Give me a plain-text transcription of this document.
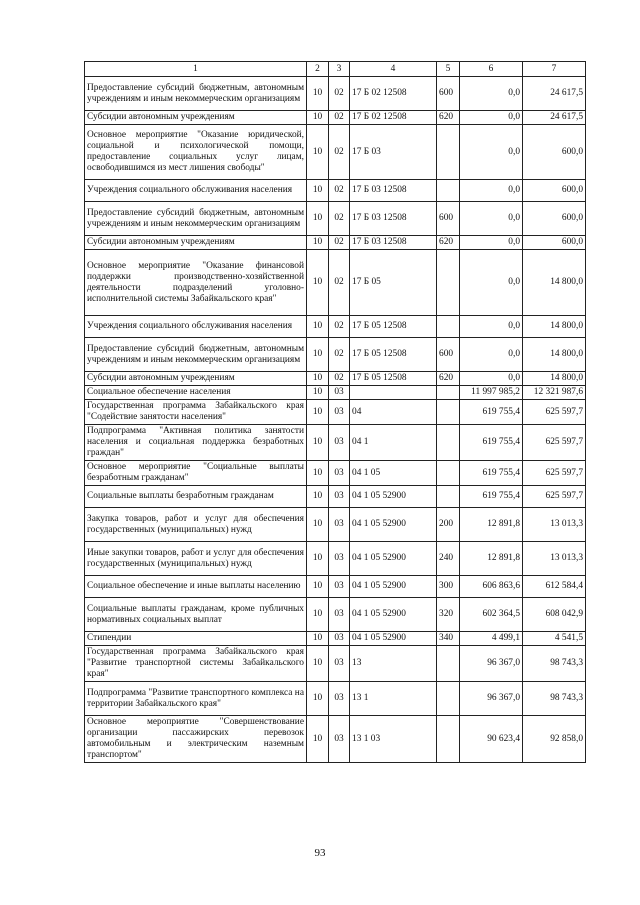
1	2	3	4	5	6	7
Предоставление субсидий бюджетным, автономным учреждениям и иным некоммерческим организациям	10	02	17 Б 02 12508	600	0,0	24 617,5
Субсидии автономным учреждениям	10	02	17 Б 02 12508	620	0,0	24 617,5
Основное мероприятие "Оказание юридической, социальной и психологической помощи, предоставление социальных услуг лицам, освободившимся из мест лишения свободы"	10	02	17 Б 03		0,0	600,0
Учреждения социального обслуживания населения	10	02	17 Б 03 12508		0,0	600,0
Предоставление субсидий бюджетным, автономным учреждениям и иным некоммерческим организациям	10	02	17 Б 03 12508	600	0,0	600,0
Субсидии автономным учреждениям	10	02	17 Б 03 12508	620	0,0	600,0
Основное мероприятие "Оказание финансовой поддержки производственно-хозяйственной деятельности подразделений уголовно-исполнительной системы Забайкальского края"	10	02	17 Б 05		0,0	14 800,0
Учреждения социального обслуживания населения	10	02	17 Б 05 12508		0,0	14 800,0
Предоставление субсидий бюджетным, автономным учреждениям и иным некоммерческим организациям	10	02	17 Б 05 12508	600	0,0	14 800,0
Субсидии автономным учреждениям	10	02	17 Б 05 12508	620	0,0	14 800,0
Социальное обеспечение населения	10	03			11 997 985,2	12 321 987,6
Государственная программа Забайкальского края "Содействие занятости населения"	10	03	04		619 755,4	625 597,7
Подпрограмма "Активная политика занятости населения и социальная поддержка безработных граждан"	10	03	04 1		619 755,4	625 597,7
Основное мероприятие "Социальные выплаты безработным гражданам"	10	03	04 1 05		619 755,4	625 597,7
Социальные выплаты безработным гражданам	10	03	04 1 05 52900		619 755,4	625 597,7
Закупка товаров, работ и услуг для обеспечения государственных (муниципальных) нужд	10	03	04 1 05 52900	200	12 891,8	13 013,3
Иные закупки товаров, работ и услуг для обеспечения государственных (муниципальных) нужд	10	03	04 1 05 52900	240	12 891,8	13 013,3
Социальное обеспечение и иные выплаты населению	10	03	04 1 05 52900	300	606 863,6	612 584,4
Социальные выплаты гражданам, кроме публичных нормативных социальных выплат	10	03	04 1 05 52900	320	602 364,5	608 042,9
Стипендии	10	03	04 1 05 52900	340	4 499,1	4 541,5
Государственная программа Забайкальского края "Развитие транспортной системы Забайкальского края"	10	03	13		96 367,0	98 743,3
Подпрограмма "Развитие транспортного комплекса на территории Забайкальского края"	10	03	13 1		96 367,0	98 743,3
Основное мероприятие "Совершенствование организации пассажирских перевозок автомобильным и электрическим наземным транспортом"	10	03	13 1 03		90 623,4	92 858,0
93
